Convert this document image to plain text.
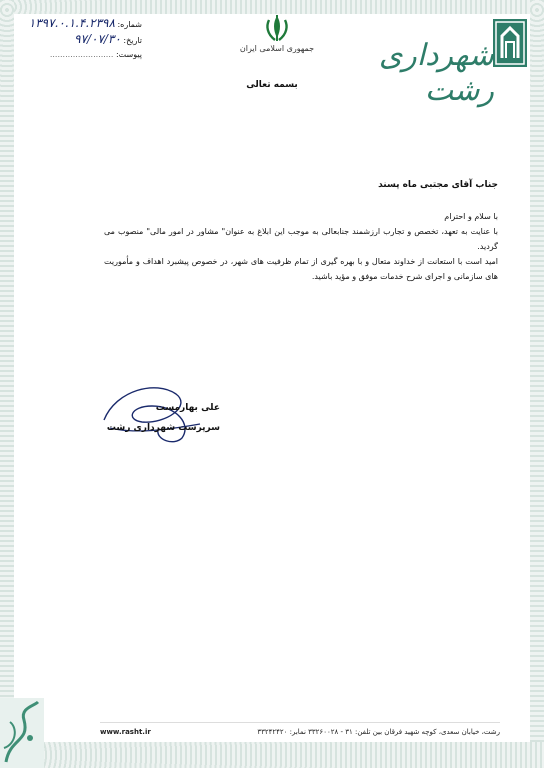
شماره: ۱۳۹۷.۰.۱.۴.۲۳۹۸
تاریخ: ۹۷/۰۷/۳۰
پیوست: .........................
جمهوری اسلامی ایران شهرداری رشت
بسمه تعالی
جناب آقای مجتبی ماه پسند
با سلام و احترام
با عنایت به تعهد، تخصص و تجارب ارزشمند جنابعالی به موجب این ابلاغ به عنوان" مشاور در امور مالی" منصوب می گردید.
امید است با استعانت از خداوند متعال و با بهره گیری از تمام ظرفیت های شهر، در خصوص پیشبرد اهداف و مأموریت های سازمانی و اجرای شرح خدمات موفق و مؤید باشید.
علی بهارمست
سرپرست شهرداری رشت
رشت، خیابان سعدی، کوچه شهید فرقان بین تلفن: ۳۱ - ۳۳۲۶۰۰۲۸ نمابر: ۳۳۲۴۲۴۲۰
www.rasht.ir
